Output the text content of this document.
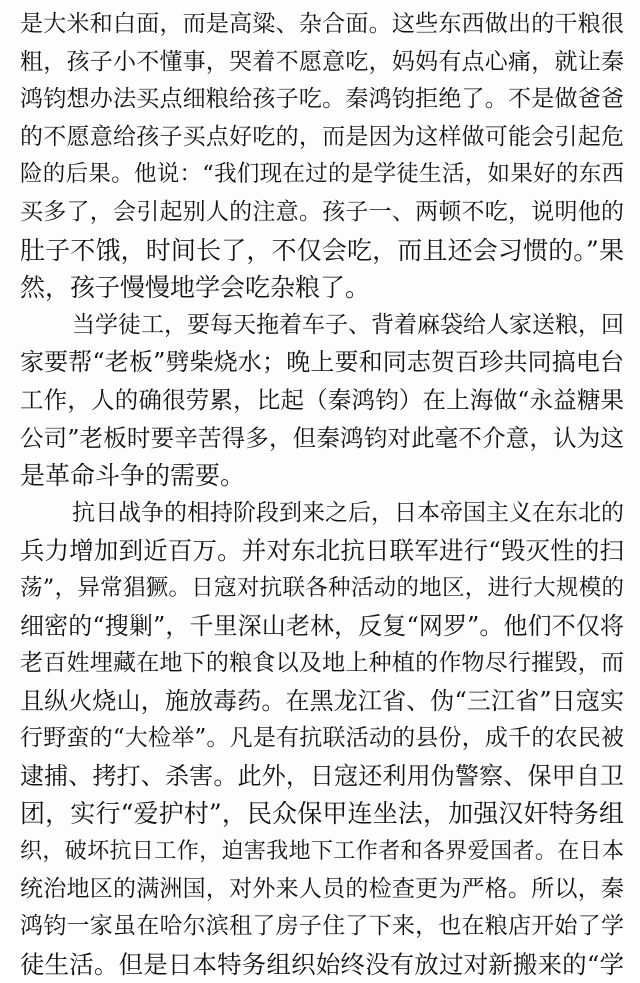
是大米和白面，而是高粱、杂合面。这些东西做出的干粮很
粗，孩子小不懂事，哭着不愿意吃，妈妈有点心痛，就让秦
鸿钧想办法买点细粮给孩子吃。秦鸿钧拒绝了。不是做爸爸
的不愿意给孩子买点好吃的，而是因为这样做可能会引起危
险的后果。他说：“我们现在过的是学徒生活，如果好的东西
买多了，会引起别人的注意。孩子一、两顿不吃，说明他的
肚子不饿，时间长了，不仅会吃，而且还会习惯的。”果
然，孩子慢慢地学会吃杂粮了。
当学徒工，要每天拖着车子、背着麻袋给人家送粮，回
家要帮“老板”劈柴烧水；晚上要和同志贺百珍共同搞电台
工作，人的确很劳累，比起（秦鸿钧）在上海做“永益糖果
公司”老板时要辛苦得多，但秦鸿钧对此毫不介意，认为这
是革命斗争的需要。
抗日战争的相持阶段到来之后，日本帝国主义在东北的
兵力增加到近百万。并对东北抗日联军进行“毁灭性的扫
荡”，异常猖獗。日寇对抗联各种活动的地区，进行大规模的
细密的“搜剿”，千里深山老林，反复“网罗”。他们不仅将
老百姓埋藏在地下的粮食以及地上种植的作物尽行摧毁，而
且纵火烧山，施放毒药。在黑龙江省、伪“三江省”日寇实
行野蛮的“大检举”。凡是有抗联活动的县份，成千的农民被
逮捕、拷打、杀害。此外，日寇还利用伪警察、保甲自卫
团，实行“爱护村”，民众保甲连坐法，加强汉奸特务组
织，破坏抗日工作，迫害我地下工作者和各界爱国者。在日本
统治地区的满洲国，对外来人员的检查更为严格。所以，秦
鸿钧一家虽在哈尔滨租了房子住了下来，也在粮店开始了学
徒生活。但是日本特务组织始终没有放过对新搬来的“学
